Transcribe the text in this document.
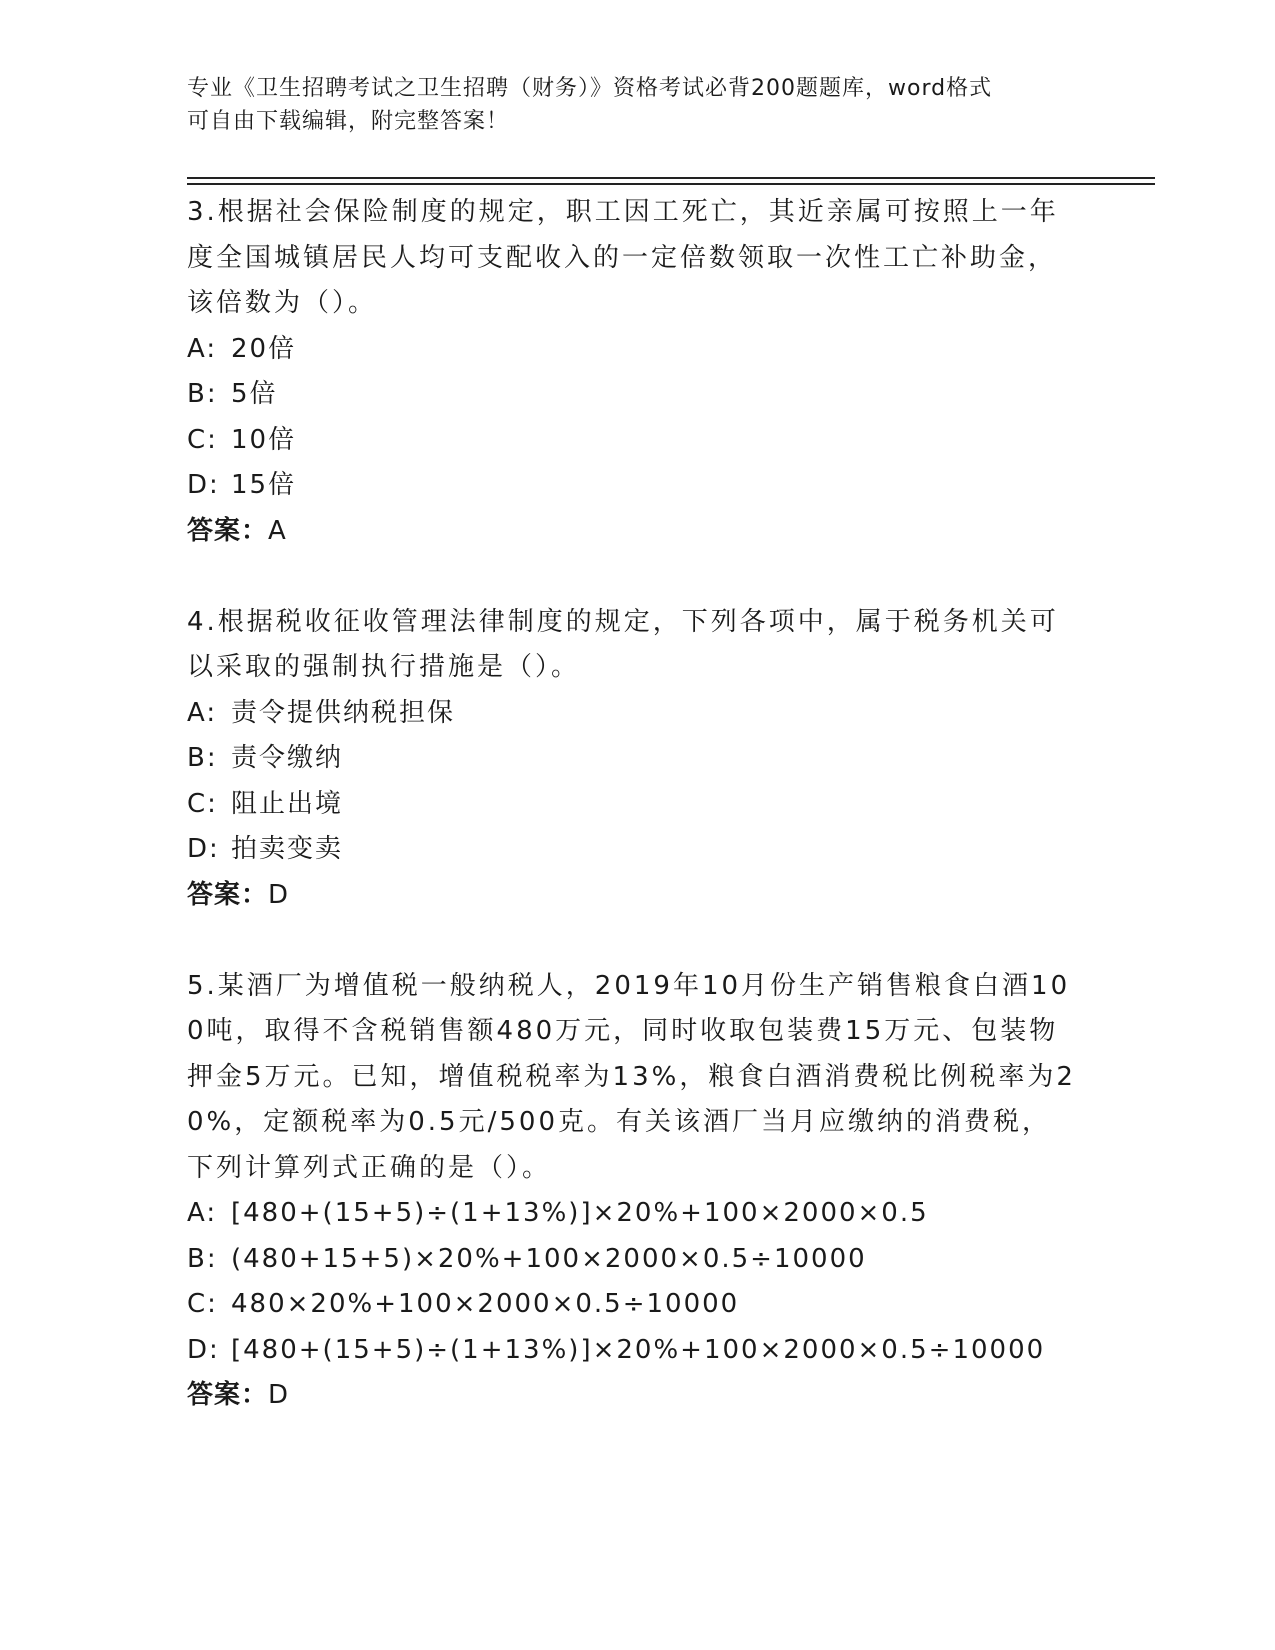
专业《卫生招聘考试之卫生招聘（财务）》资格考试必背200题题库，word格式
可自由下载编辑，附完整答案！
3.根据社会保险制度的规定，职工因工死亡，其近亲属可按照上一年度全国城镇居民人均可支配收入的一定倍数领取一次性工亡补助金，该倍数为（）。
A: 20倍
B: 5倍
C: 10倍
D: 15倍
答案：A
4.根据税收征收管理法律制度的规定，下列各项中，属于税务机关可以采取的强制执行措施是（）。
A: 责令提供纳税担保
B: 责令缴纳
C: 阻止出境
D: 拍卖变卖
答案：D
5.某酒厂为增值税一般纳税人，2019年10月份生产销售粮食白酒100吨，取得不含税销售额480万元，同时收取包装费15万元、包装物押金5万元。已知，增值税税率为13%，粮食白酒消费税比例税率为20%，定额税率为0.5元/500克。有关该酒厂当月应缴纳的消费税，下列计算列式正确的是（）。
A: [480+(15+5)÷(1+13%)]×20%+100×2000×0.5
B: (480+15+5)×20%+100×2000×0.5÷10000
C: 480×20%+100×2000×0.5÷10000
D: [480+(15+5)÷(1+13%)]×20%+100×2000×0.5÷10000
答案：D
